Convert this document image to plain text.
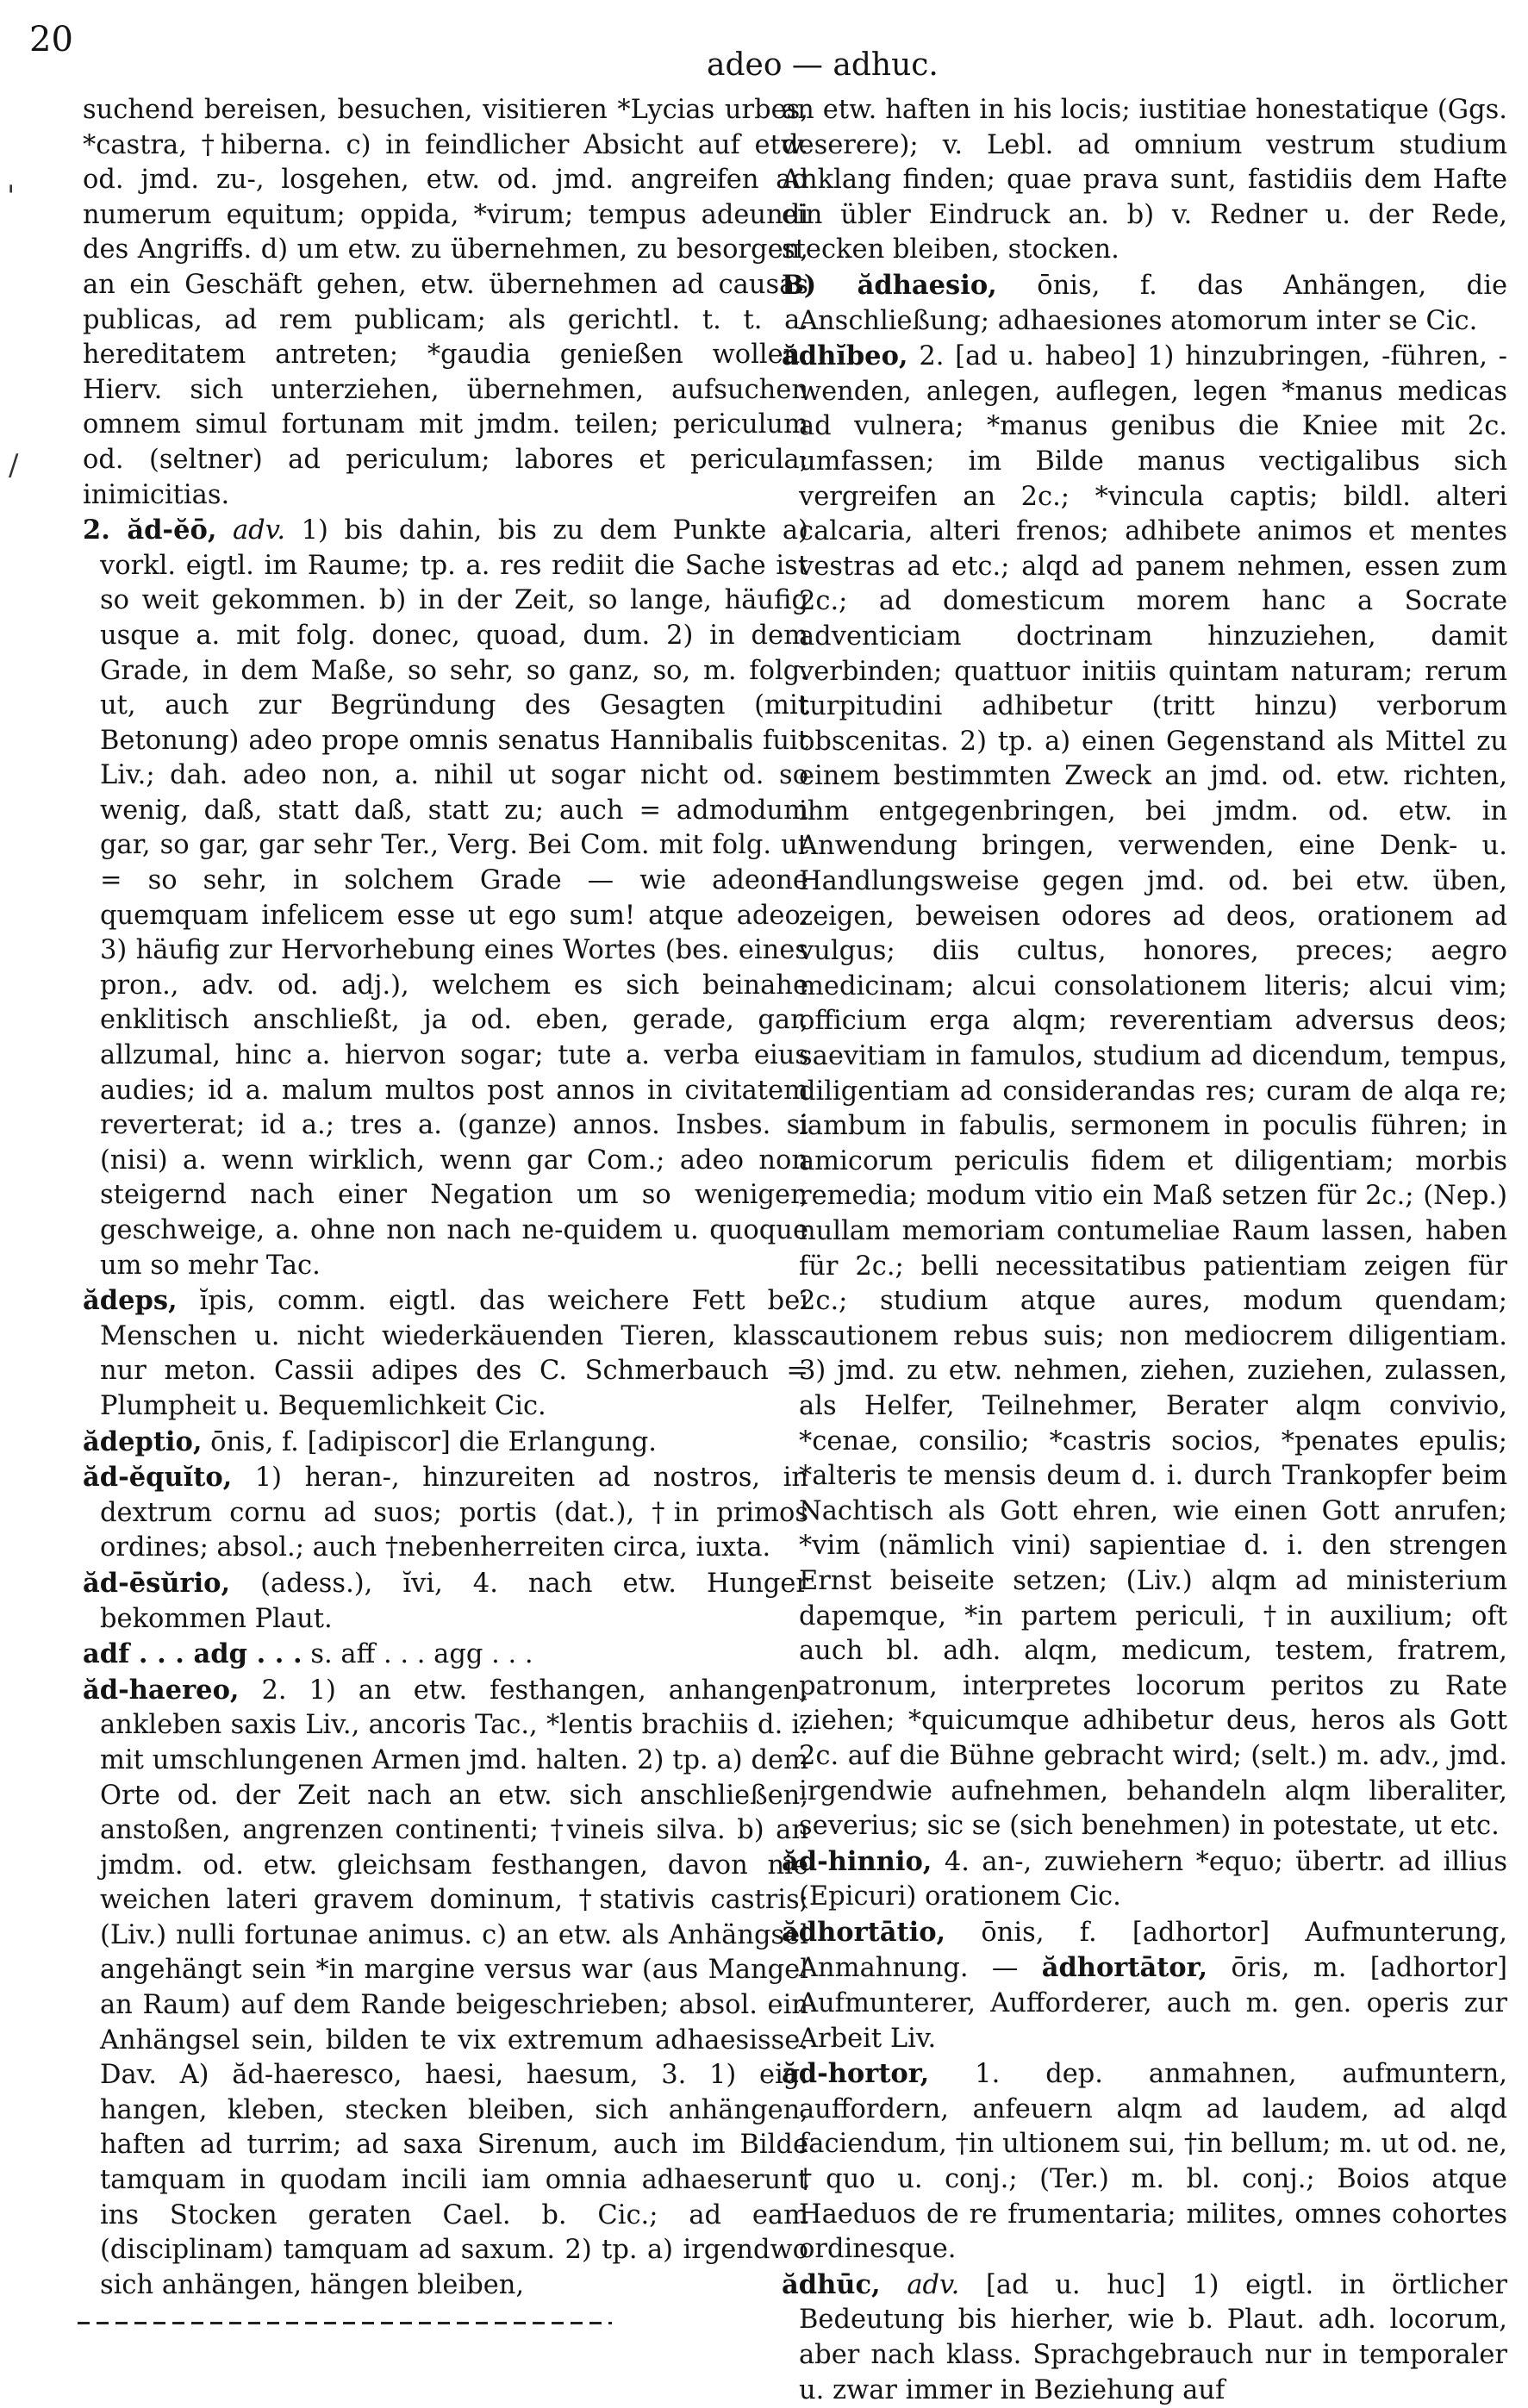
20
adeo — adhuc.
'
/

suchend bereisen, besuchen, visitieren *Lycias urbes, *castra, †hiberna. c) in feindlicher Absicht auf etw. od. jmd. zu-, losgehen, etw. od. jmd. angreifen ad numerum equitum; oppida, *virum; tempus adeundi des Angriffs. d) um etw. zu übernehmen, zu besorgen, an ein Geschäft gehen, etw. übernehmen ad causas publicas, ad rem publicam; als gerichtl. t. t. a. hereditatem antreten; *gaudia genießen wollen. Hierv. sich unterziehen, übernehmen, aufsuchen omnem simul fortunam mit jmdm. teilen; periculum od. (seltner) ad periculum; labores et pericula; inimicitias.

2. ăd-ĕō, adv. 1) bis dahin, bis zu dem Punkte a) vorkl. eigtl. im Raume; tp. a. res rediit die Sache ist so weit gekommen. b) in der Zeit, so lange, häufig usque a. mit folg. donec, quoad, dum. 2) in dem Grade, in dem Maße, so sehr, so ganz, so, m. folg. ut, auch zur Begründung des Gesagten (mit Betonung) adeo prope omnis senatus Hannibalis fuit Liv.; dah. adeo non, a. nihil ut sogar nicht od. so wenig, daß, statt daß, statt zu; auch = admodum gar, so gar, gar sehr Ter., Verg. Bei Com. mit folg. ut = so sehr, in solchem Grade — wie adeone quemquam infelicem esse ut ego sum! atque adeo. 3) häufig zur Hervorhebung eines Wortes (bes. eines pron., adv. od. adj.), welchem es sich beinahe enklitisch anschließt, ja od. eben, gerade, gar, allzumal, hinc a. hiervon sogar; tute a. verba eius audies; id a. malum multos post annos in civitatem reverterat; id a.; tres a. (ganze) annos. Insbes. si (nisi) a. wenn wirklich, wenn gar Com.; adeo non steigernd nach einer Negation um so weniger, geschweige, a. ohne non nach ne-quidem u. quoque um so mehr Tac.

ădeps, ĭpis, comm. eigtl. das weichere Fett bei Menschen u. nicht wiederkäuenden Tieren, klass. nur meton. Cassii adipes des C. Schmerbauch = Plumpheit u. Bequemlichkeit Cic.

ădeptio, ōnis, f. [adipiscor] die Erlangung.

ăd-ĕquĭto, 1) heran-, hinzureiten ad nostros, in dextrum cornu ad suos; portis (dat.), †in primos ordines; absol.; auch †nebenherreiten circa, iuxta.

ăd-ēsŭrio, (adess.), ĭvi, 4. nach etw. Hunger bekommen Plaut.

adf . . . adg . . . s. aff . . . agg . . .

ăd-haereo, 2. 1) an etw. festhangen, anhangen, ankleben saxis Liv., ancoris Tac., *lentis brachiis d. i. mit umschlungenen Armen jmd. halten. 2) tp. a) dem Orte od. der Zeit nach an etw. sich anschließen, anstoßen, angrenzen continenti; †vineis silva. b) an jmdm. od. etw. gleichsam festhangen, davon nie weichen lateri gravem dominum, †stativis castris; (Liv.) nulli fortunae animus. c) an etw. als Anhängsel angehängt sein *in margine versus war (aus Mangel an Raum) auf dem Rande beigeschrieben; absol. ein Anhängsel sein, bilden te vix extremum adhaesisse. Dav. A) ăd-haeresco, haesi, haesum, 3. 1) eig. hangen, kleben, stecken bleiben, sich anhängen, haften ad turrim; ad saxa Sirenum, auch im Bilde tamquam in quodam incili iam omnia adhaeserunt ins Stocken geraten Cael. b. Cic.; ad eam (disciplinam) tamquam ad saxum. 2) tp. a) irgendwo sich anhängen, hängen bleiben,

an etw. haften in his locis; iustitiae honestatique (Ggs. deserere); v. Lebl. ad omnium vestrum studium Anklang finden; quae prava sunt, fastidiis dem Hafte ein übler Eindruck an. b) v. Redner u. der Rede, stecken bleiben, stocken.

B) ădhaesio, ōnis, f. das Anhängen, die Anschließung; adhaesiones atomorum inter se Cic.

ădhĭbeo, 2. [ad u. habeo] 1) hinzubringen, -führen, -wenden, anlegen, auflegen, legen *manus medicas ad vulnera; *manus genibus die Kniee mit 2c. umfassen; im Bilde manus vectigalibus sich vergreifen an 2c.; *vincula captis; bildl. alteri calcaria, alteri frenos; adhibete animos et mentes vestras ad etc.; alqd ad panem nehmen, essen zum 2c.; ad domesticum morem hanc a Socrate adventiciam doctrinam hinzuziehen, damit verbinden; quattuor initiis quintam naturam; rerum turpitudini adhibetur (tritt hinzu) verborum obscenitas. 2) tp. a) einen Gegenstand als Mittel zu einem bestimmten Zweck an jmd. od. etw. richten, ihm entgegenbringen, bei jmdm. od. etw. in Anwendung bringen, verwenden, eine Denk- u. Handlungsweise gegen jmd. od. bei etw. üben, zeigen, beweisen odores ad deos, orationem ad vulgus; diis cultus, honores, preces; aegro medicinam; alcui consolationem literis; alcui vim; officium erga alqm; reverentiam adversus deos; saevitiam in famulos, studium ad dicendum, tempus, diligentiam ad considerandas res; curam de alqa re; iambum in fabulis, sermonem in poculis führen; in amicorum periculis fidem et diligentiam; morbis remedia; modum vitio ein Maß setzen für 2c.; (Nep.) nullam memoriam contumeliae Raum lassen, haben für 2c.; belli necessitatibus patientiam zeigen für 2c.; studium atque aures, modum quendam; cautionem rebus suis; non mediocrem diligentiam. 3) jmd. zu etw. nehmen, ziehen, zuziehen, zulassen, als Helfer, Teilnehmer, Berater alqm convivio, *cenae, consilio; *castris socios, *penates epulis; *alteris te mensis deum d. i. durch Trankopfer beim Nachtisch als Gott ehren, wie einen Gott anrufen; *vim (nämlich vini) sapientiae d. i. den strengen Ernst beiseite setzen; (Liv.) alqm ad ministerium dapemque, *in partem periculi, †in auxilium; oft auch bl. adh. alqm, medicum, testem, fratrem, patronum, interpretes locorum peritos zu Rate ziehen; *quicumque adhibetur deus, heros als Gott 2c. auf die Bühne gebracht wird; (selt.) m. adv., jmd. irgendwie aufnehmen, behandeln alqm liberaliter, severius; sic se (sich benehmen) in potestate, ut etc.

ăd-hinnio, 4. an-, zuwiehern *equo; übertr. ad illius (Epicuri) orationem Cic.

ădhortātio, ōnis, f. [adhortor] Aufmunterung, Anmahnung. — ădhortātor, ōris, m. [adhortor] Aufmunterer, Aufforderer, auch m. gen. operis zur Arbeit Liv.

ăd-hortor, 1. dep. anmahnen, aufmuntern, auffordern, anfeuern alqm ad laudem, ad alqd faciendum, †in ultionem sui, †in bellum; m. ut od. ne, †quo u. conj.; (Ter.) m. bl. conj.; Boios atque Haeduos de re frumentaria; milites, omnes cohortes ordinesque.

ădhūc, adv. [ad u. huc] 1) eigtl. in örtlicher Bedeutung bis hierher, wie b. Plaut. adh. locorum, aber nach klass. Sprachgebrauch nur in temporaler u. zwar immer in Beziehung auf
